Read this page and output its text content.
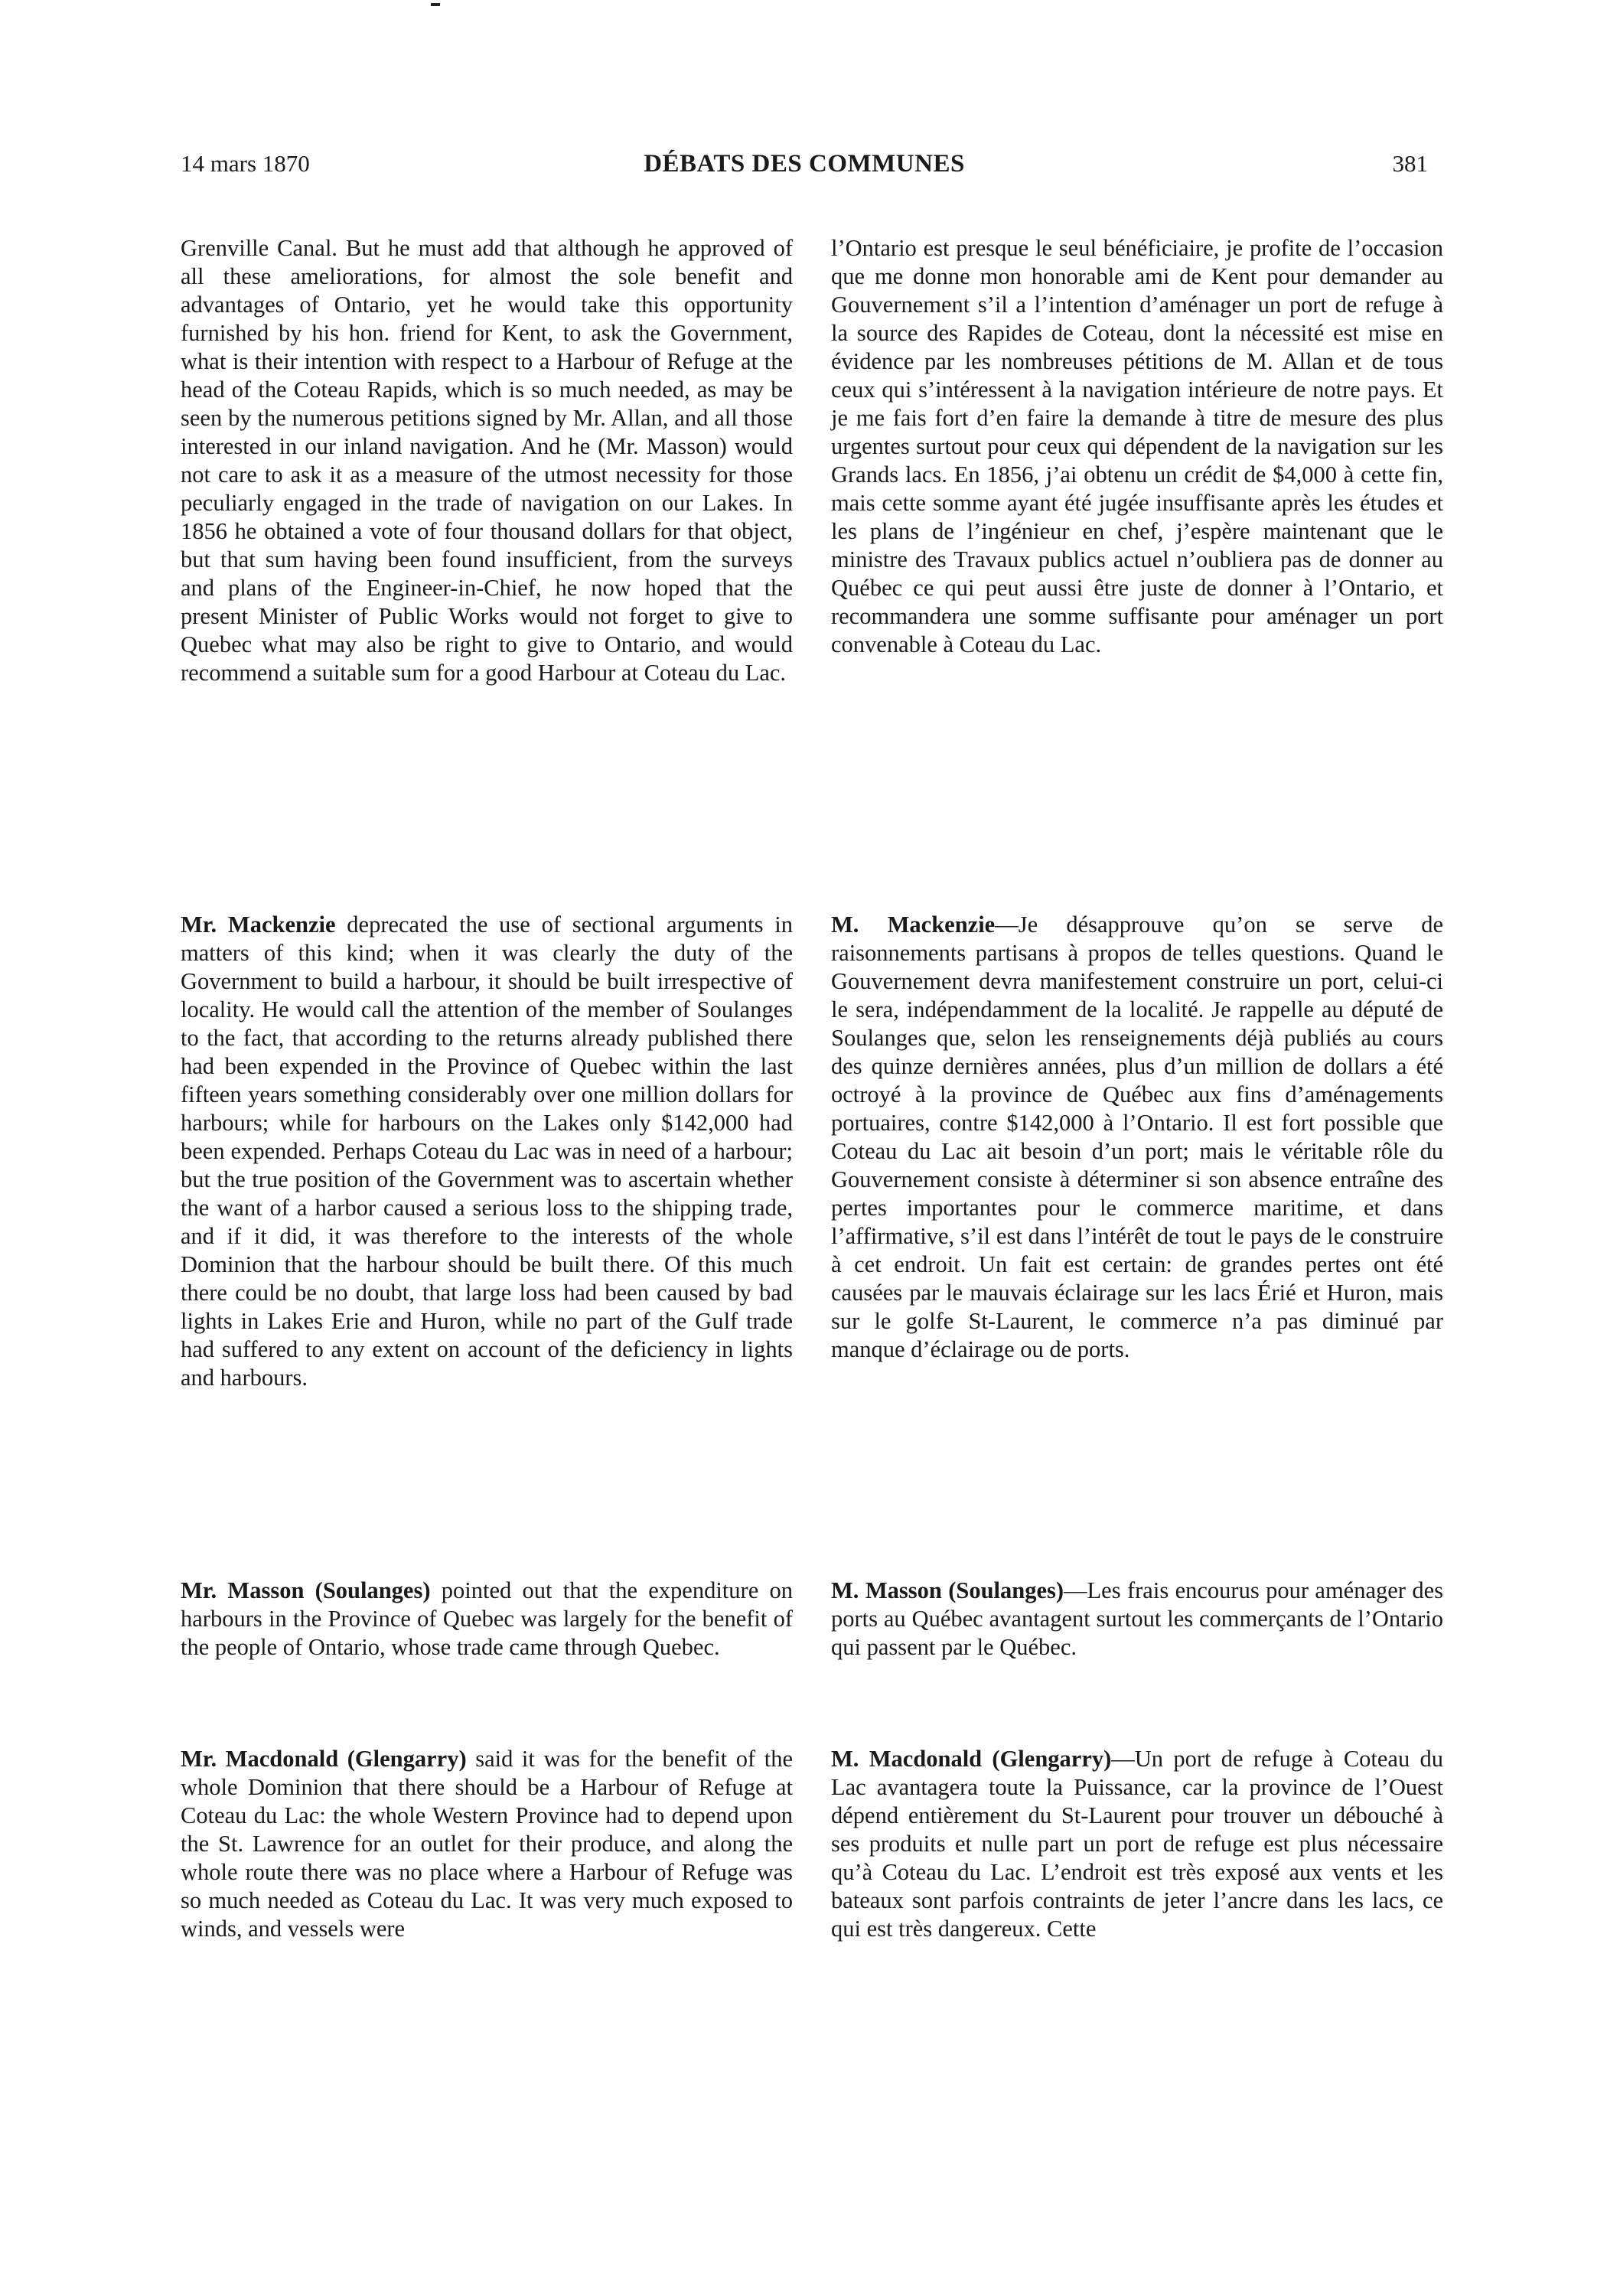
14 mars 1870	DÉBATS DES COMMUNES	381

Grenville Canal. But he must add that although he approved of all these ameliorations, for almost the sole benefit and advantages of Ontario, yet he would take this opportunity furnished by his hon. friend for Kent, to ask the Government, what is their intention with respect to a Harbour of Refuge at the head of the Coteau Rapids, which is so much needed, as may be seen by the numerous petitions signed by Mr. Allan, and all those interested in our inland navigation. And he (Mr. Masson) would not care to ask it as a measure of the utmost necessity for those peculiarly engaged in the trade of navigation on our Lakes. In 1856 he obtained a vote of four thousand dollars for that object, but that sum having been found insufficient, from the surveys and plans of the Engineer-in-Chief, he now hoped that the present Minister of Public Works would not forget to give to Quebec what may also be right to give to Ontario, and would recommend a suitable sum for a good Harbour at Coteau du Lac.

Mr. Mackenzie deprecated the use of sectional arguments in matters of this kind; when it was clearly the duty of the Government to build a harbour, it should be built irrespective of locality. He would call the attention of the member of Soulanges to the fact, that according to the returns already published there had been expended in the Province of Quebec within the last fifteen years something considerably over one million dollars for harbours; while for harbours on the Lakes only $142,000 had been expended. Perhaps Coteau du Lac was in need of a harbour; but the true position of the Government was to ascertain whether the want of a harbor caused a serious loss to the shipping trade, and if it did, it was therefore to the interests of the whole Dominion that the harbour should be built there. Of this much there could be no doubt, that large loss had been caused by bad lights in Lakes Erie and Huron, while no part of the Gulf trade had suffered to any extent on account of the deficiency in lights and harbours.

Mr. Masson (Soulanges) pointed out that the expenditure on harbours in the Province of Quebec was largely for the benefit of the people of Ontario, whose trade came through Quebec.

Mr. Macdonald (Glengarry) said it was for the benefit of the whole Dominion that there should be a Harbour of Refuge at Coteau du Lac: the whole Western Province had to depend upon the St. Lawrence for an outlet for their produce, and along the whole route there was no place where a Harbour of Refuge was so much needed as Coteau du Lac. It was very much exposed to winds, and vessels were

l’Ontario est presque le seul bénéficiaire, je profite de l’occasion que me donne mon honorable ami de Kent pour demander au Gouvernement s’il a l’intention d’aménager un port de refuge à la source des Rapides de Coteau, dont la nécessité est mise en évidence par les nombreuses pétitions de M. Allan et de tous ceux qui s’intéressent à la navigation intérieure de notre pays. Et je me fais fort d’en faire la demande à titre de mesure des plus urgentes surtout pour ceux qui dépendent de la navigation sur les Grands lacs. En 1856, j’ai obtenu un crédit de $4,000 à cette fin, mais cette somme ayant été jugée insuffisante après les études et les plans de l’ingénieur en chef, j’espère maintenant que le ministre des Travaux publics actuel n’oubliera pas de donner au Québec ce qui peut aussi être juste de donner à l’Ontario, et recommandera une somme suffisante pour aménager un port convenable à Coteau du Lac.

M. Mackenzie—Je désapprouve qu’on se serve de raisonnements partisans à propos de telles questions. Quand le Gouvernement devra manifestement construire un port, celui-ci le sera, indépendamment de la localité. Je rappelle au député de Soulanges que, selon les renseignements déjà publiés au cours des quinze dernières années, plus d’un million de dollars a été octroyé à la province de Québec aux fins d’aménagements portuaires, contre $142,000 à l’Ontario. Il est fort possible que Coteau du Lac ait besoin d’un port; mais le véritable rôle du Gouvernement consiste à déterminer si son absence entraîne des pertes importantes pour le commerce maritime, et dans l’affirmative, s’il est dans l’intérêt de tout le pays de le construire à cet endroit. Un fait est certain: de grandes pertes ont été causées par le mauvais éclairage sur les lacs Érié et Huron, mais sur le golfe St-Laurent, le commerce n’a pas diminué par manque d’éclairage ou de ports.

M. Masson (Soulanges)—Les frais encourus pour aménager des ports au Québec avantagent surtout les commerçants de l’Ontario qui passent par le Québec.

M. Macdonald (Glengarry)—Un port de refuge à Coteau du Lac avantagera toute la Puissance, car la province de l’Ouest dépend entièrement du St-Laurent pour trouver un débouché à ses produits et nulle part un port de refuge est plus nécessaire qu’à Coteau du Lac. L’endroit est très exposé aux vents et les bateaux sont parfois contraints de jeter l’ancre dans les lacs, ce qui est très dangereux. Cette
